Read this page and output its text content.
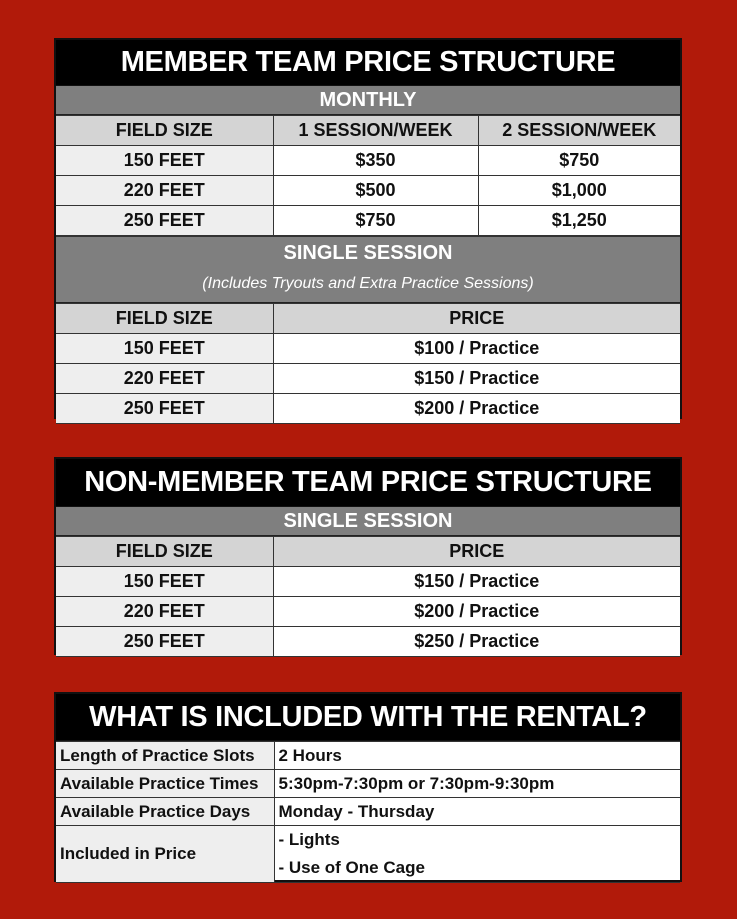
MEMBER TEAM PRICE STRUCTURE
MONTHLY
FIELD SIZE	1 SESSION/WEEK	2 SESSION/WEEK
150 FEET	$350	$750
220 FEET	$500	$1,000
250 FEET	$750	$1,250
SINGLE SESSION
(Includes Tryouts and Extra Practice Sessions)
FIELD SIZE	PRICE
150 FEET	$100 / Practice
220 FEET	$150 / Practice
250 FEET	$200 / Practice
NON-MEMBER TEAM PRICE STRUCTURE
SINGLE SESSION
FIELD SIZE	PRICE
150 FEET	$150 / Practice
220 FEET	$200 / Practice
250 FEET	$250 / Practice
WHAT IS INCLUDED WITH THE RENTAL?
Length of Practice Slots	2 Hours
Available Practice Times	5:30pm-7:30pm or 7:30pm-9:30pm
Available Practice Days	Monday - Thursday
Included in Price	- Lights
- Use of One Cage
